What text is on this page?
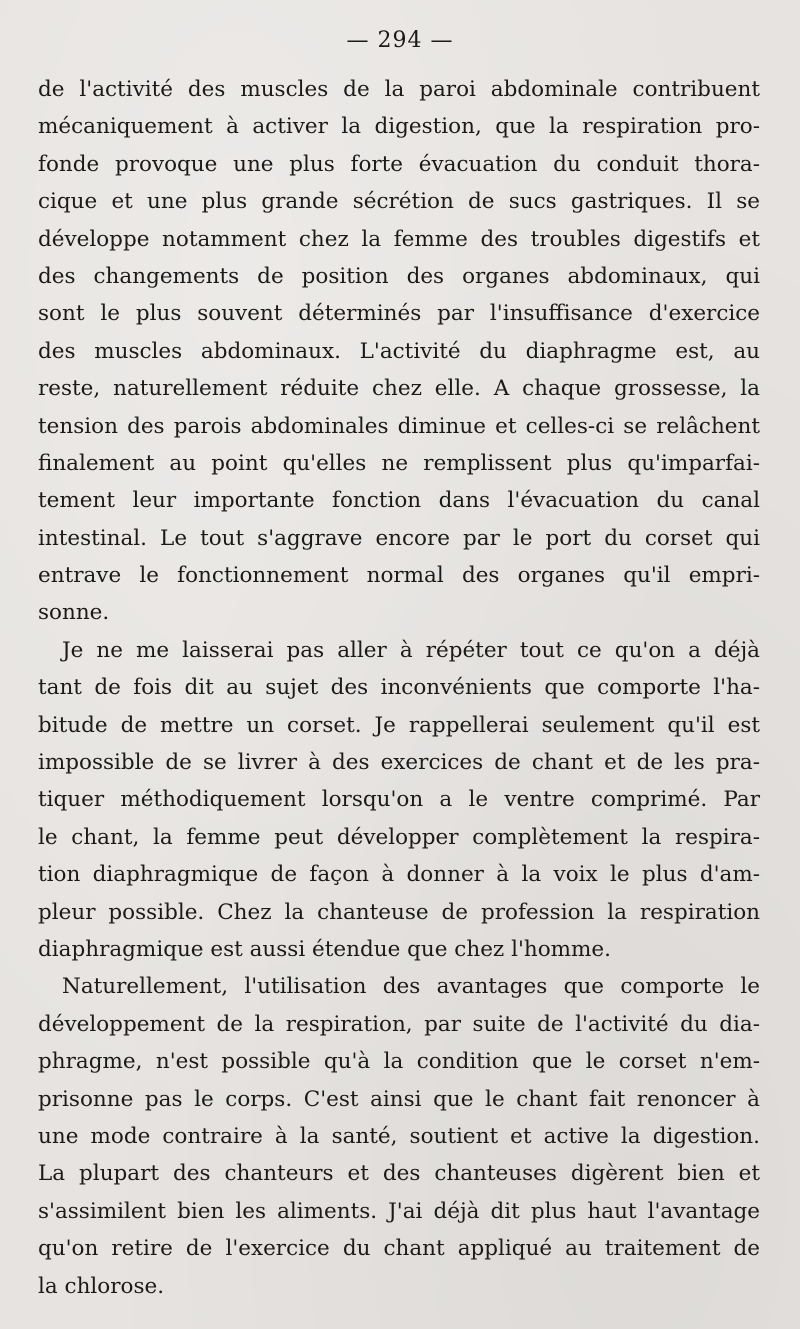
— 294 —
de l'activité des muscles de la paroi abdominale contribuent
mécaniquement à activer la digestion, que la respiration pro-
fonde provoque une plus forte évacuation du conduit thora-
cique et une plus grande sécrétion de sucs gastriques. Il se
développe notamment chez la femme des troubles digestifs et
des changements de position des organes abdominaux, qui
sont le plus souvent déterminés par l'insuffisance d'exercice
des muscles abdominaux. L'activité du diaphragme est, au
reste, naturellement réduite chez elle. A chaque grossesse, la
tension des parois abdominales diminue et celles-ci se relâchent
finalement au point qu'elles ne remplissent plus qu'imparfai-
tement leur importante fonction dans l'évacuation du canal
intestinal. Le tout s'aggrave encore par le port du corset qui
entrave le fonctionnement normal des organes qu'il empri-
sonne.
Je ne me laisserai pas aller à répéter tout ce qu'on a déjà
tant de fois dit au sujet des inconvénients que comporte l'ha-
bitude de mettre un corset. Je rappellerai seulement qu'il est
impossible de se livrer à des exercices de chant et de les pra-
tiquer méthodiquement lorsqu'on a le ventre comprimé. Par
le chant, la femme peut développer complètement la respira-
tion diaphragmique de façon à donner à la voix le plus d'am-
pleur possible. Chez la chanteuse de profession la respiration
diaphragmique est aussi étendue que chez l'homme.
Naturellement, l'utilisation des avantages que comporte le
développement de la respiration, par suite de l'activité du dia-
phragme, n'est possible qu'à la condition que le corset n'em-
prisonne pas le corps. C'est ainsi que le chant fait renoncer à
une mode contraire à la santé, soutient et active la digestion.
La plupart des chanteurs et des chanteuses digèrent bien et
s'assimilent bien les aliments. J'ai déjà dit plus haut l'avantage
qu'on retire de l'exercice du chant appliqué au traitement de
la chlorose.
